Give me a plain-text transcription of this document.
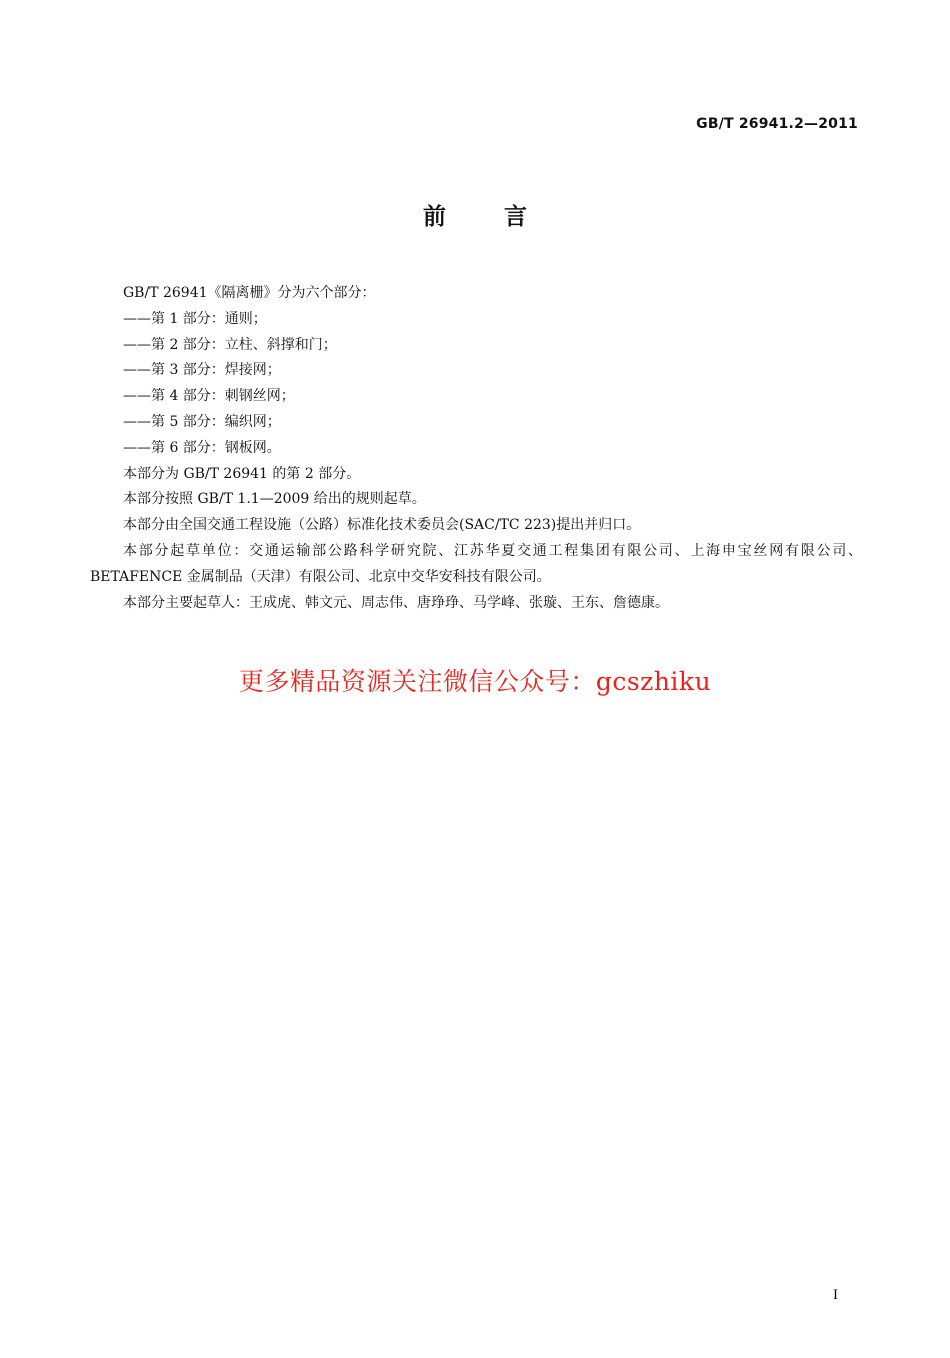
GB/T 26941.2—2011
前	言

GB/T 26941《隔离栅》分为六个部分：

——第 1 部分：通则；

——第 2 部分：立柱、斜撑和门；

——第 3 部分：焊接网；

——第 4 部分：刺钢丝网；

——第 5 部分：编织网；

——第 6 部分：钢板网。

本部分为 GB/T 26941 的第 2 部分。

本部分按照 GB/T 1.1—2009 给出的规则起草。

本部分由全国交通工程设施（公路）标准化技术委员会(SAC/TC 223)提出并归口。

本部分起草单位：交通运输部公路科学研究院、江苏华夏交通工程集团有限公司、上海申宝丝网有限公司、BETAFENCE 金属制品（天津）有限公司、北京中交华安科技有限公司。

本部分主要起草人：王成虎、韩文元、周志伟、唐琤琤、马学峰、张璇、王东、詹德康。

更多精品资源关注微信公众号：gcszhiku
I
